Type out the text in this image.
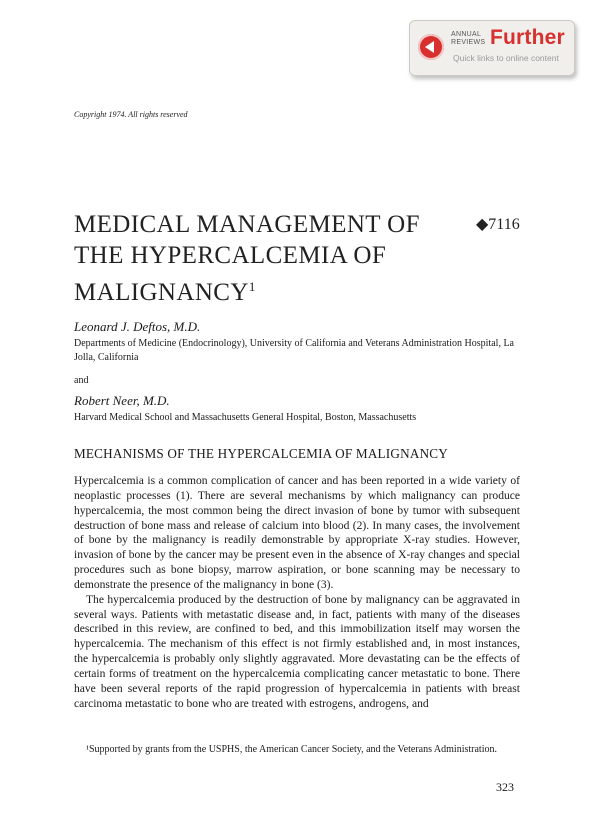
ANNUAL
REVIEWS Further
Quick links to online content
Copyright 1974. All rights reserved
MEDICAL MANAGEMENT OF
THE HYPERCALCEMIA OF
MALIGNANCY$^1$
◆7116
Leonard J. Deftos, M.D.
Departments of Medicine (Endocrinology), University of California and Veterans Administration Hospital, La Jolla, California
and
Robert Neer, M.D.
Harvard Medical School and Massachusetts General Hospital, Boston, Massachusetts
MECHANISMS OF THE HYPERCALCEMIA OF MALIGNANCY

Hypercalcemia is a common complication of cancer and has been reported in a wide variety of neoplastic processes (1). There are several mechanisms by which malignancy can produce hypercalcemia, the most common being the direct invasion of bone by tumor with subsequent destruction of bone mass and release of calcium into blood (2). In many cases, the involvement of bone by the malignancy is readily demonstrable by appropriate X-ray studies. However, invasion of bone by the cancer may be present even in the absence of X-ray changes and special procedures such as bone biopsy, marrow aspiration, or bone scanning may be necessary to demonstrate the presence of the malignancy in bone (3).

The hypercalcemia produced by the destruction of bone by malignancy can be aggravated in several ways. Patients with metastatic disease and, in fact, patients with many of the diseases described in this review, are confined to bed, and this immobilization itself may worsen the hypercalcemia. The mechanism of this effect is not firmly established and, in most instances, the hypercalcemia is probably only slightly aggravated. More devastating can be the effects of certain forms of treatment on the hypercalcemia complicating cancer metastatic to bone. There have been several reports of the rapid progression of hypercalcemia in patients with breast carcinoma metastatic to bone who are treated with estrogens, androgens, and

¹Supported by grants from the USPHS, the American Cancer Society, and the Veterans Administration.
323
